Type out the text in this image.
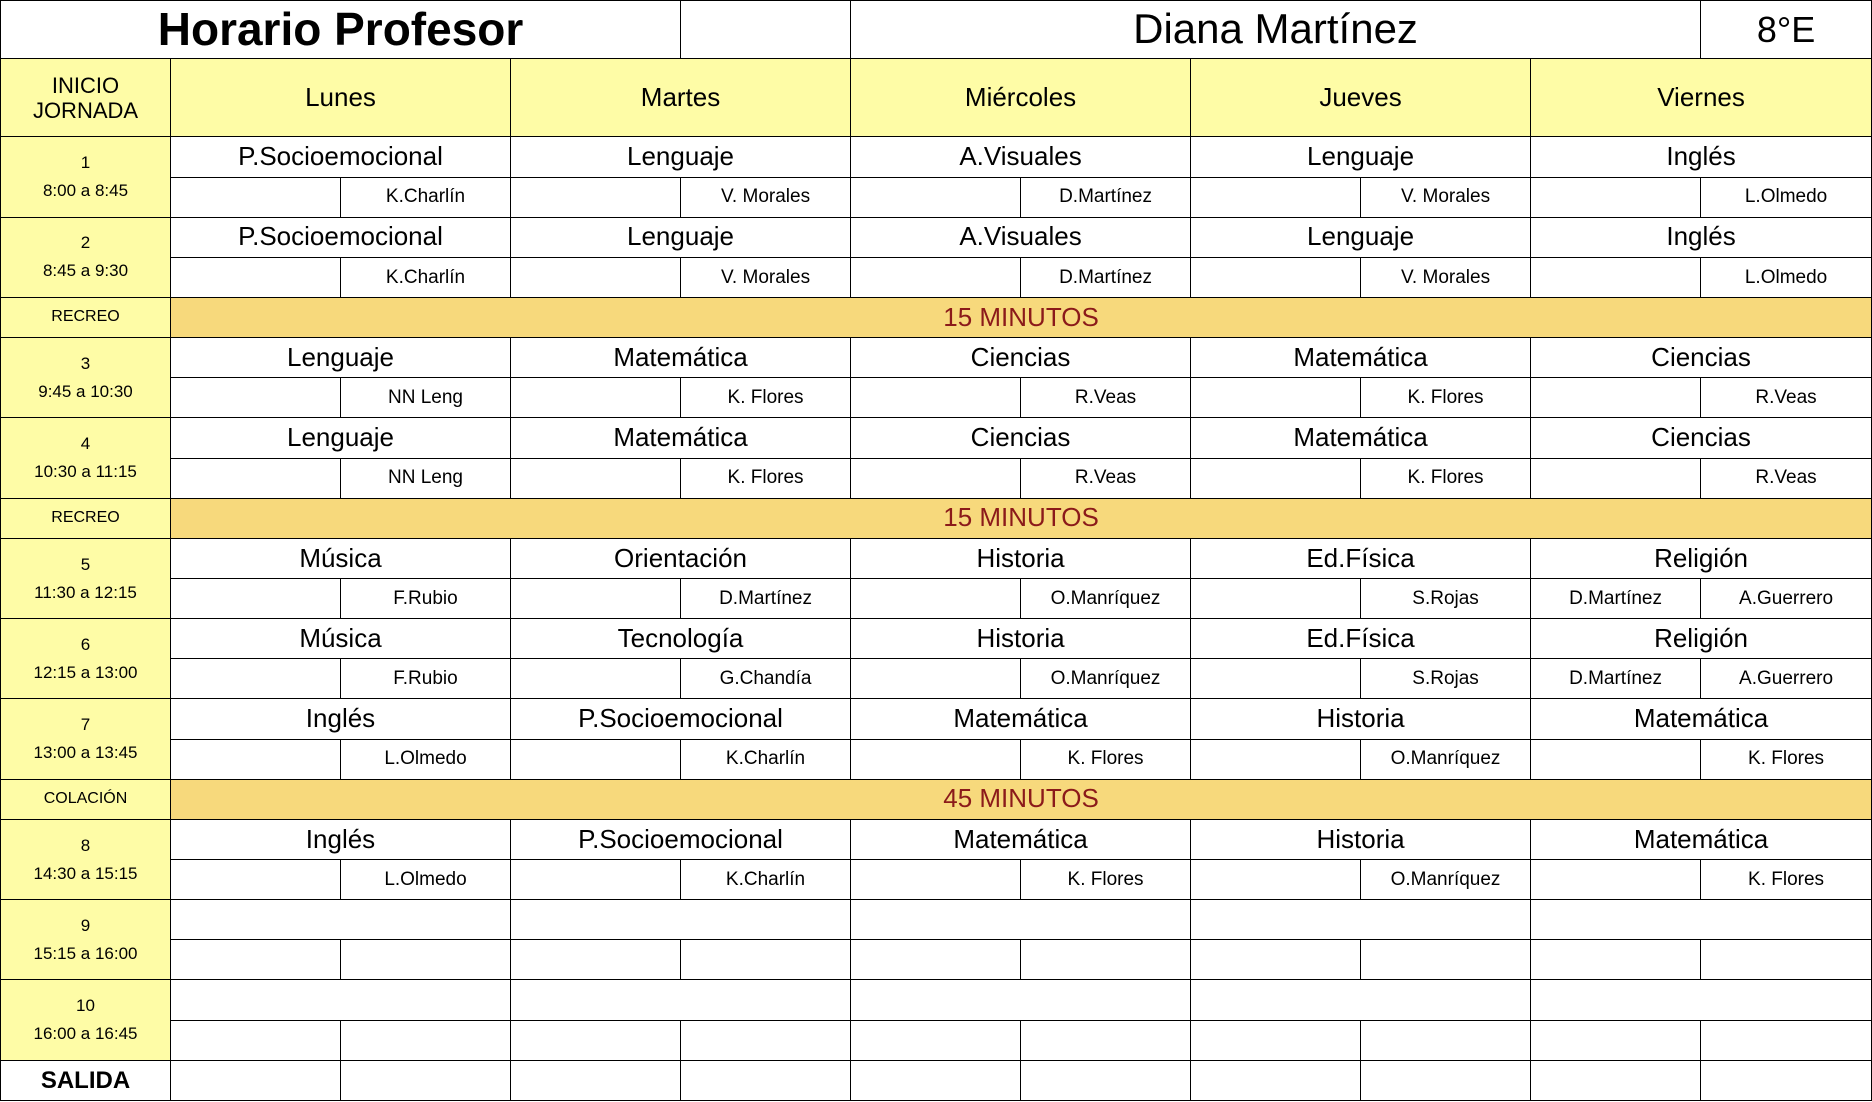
Horario Profesor					Diana Martínez					8°E

INICIO
JORNADA	Lunes		Martes		Miércoles		Jueves		Viernes	

1
8:00 a 8:45	P.Socioemocional		Lenguaje		A.Visuales		Lenguaje		Inglés	
		K.Charlín		V. Morales		D.Martínez		V. Morales		L.Olmedo

2
8:45 a 9:30	P.Socioemocional		Lenguaje		A.Visuales		Lenguaje		Inglés	
		K.Charlín		V. Morales		D.Martínez		V. Morales		L.Olmedo
RECREO	15 MINUTOS									

3
9:45 a 10:30	Lenguaje		Matemática		Ciencias		Matemática		Ciencias	
		NN Leng		K. Flores		R.Veas		K. Flores		R.Veas

4
10:30 a 11:15	Lenguaje		Matemática		Ciencias		Matemática		Ciencias	
		NN Leng		K. Flores		R.Veas		K. Flores		R.Veas
RECREO	15 MINUTOS									

5
11:30 a 12:15	Música		Orientación		Historia		Ed.Física		Religión	
		F.Rubio		D.Martínez		O.Manríquez		S.Rojas	D.Martínez	A.Guerrero

6
12:15 a 13:00	Música		Tecnología		Historia		Ed.Física		Religión	
		F.Rubio		G.Chandía		O.Manríquez		S.Rojas	D.Martínez	A.Guerrero

7
13:00 a 13:45	Inglés		P.Socioemocional		Matemática		Historia		Matemática	
		L.Olmedo		K.Charlín		K. Flores		O.Manríquez		K. Flores
COLACIÓN	45 MINUTOS									

8
14:30 a 15:15	Inglés		P.Socioemocional		Matemática		Historia		Matemática	
		L.Olmedo		K.Charlín		K. Flores		O.Manríquez		K. Flores

9
15:15 a 16:00										

10
16:00 a 16:45										

SALIDA										
